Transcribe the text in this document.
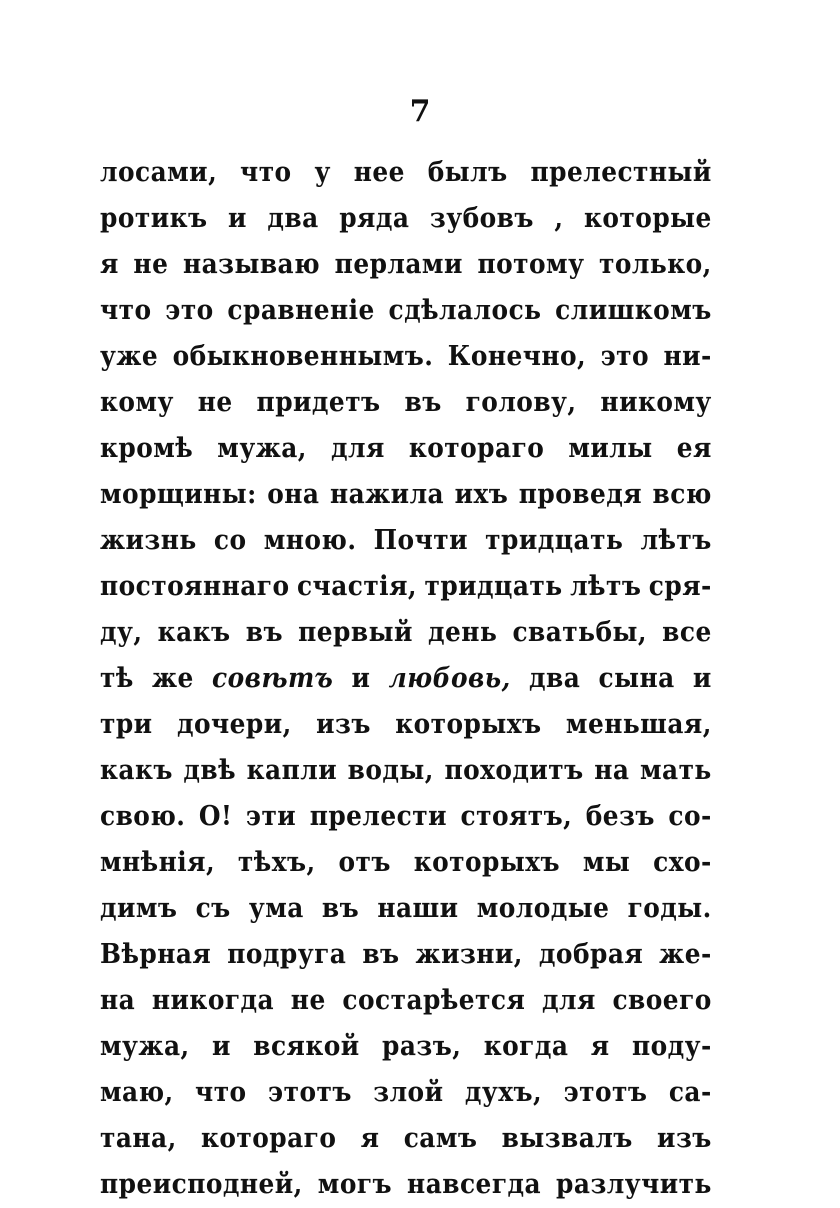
7
лосами, что у нее былъ прелестный
ротикъ и два ряда зубовъ , которые
я не называю перлами потому только,
что это сравненіе сдѣлалось слишкомъ
уже обыкновеннымъ. Конечно, это ни-
кому не придетъ въ голову, никому
кромѣ мужа, для котораго милы ея
морщины: она нажила ихъ проведя всю
жизнь со мною. Почти тридцать лѣтъ
постояннаго счастія, тридцать лѣтъ сря-
ду, какъ въ первый день сватьбы, все
тѣ же совѣтъ и любовь, два сына и
три дочери, изъ которыхъ меньшая,
какъ двѣ капли воды, походитъ на мать
свою. О! эти прелести стоятъ, безъ со-
мнѣнія, тѣхъ, отъ которыхъ мы схо-
димъ съ ума въ наши молодые годы.
Вѣрная подруга въ жизни, добрая же-
на никогда не состарѣется для своего
мужа, и всякой разъ, когда я поду-
маю, что этотъ злой духъ, этотъ са-
тана, котораго я самъ вызвалъ изъ
преисподней, могъ навсегда разлучить
